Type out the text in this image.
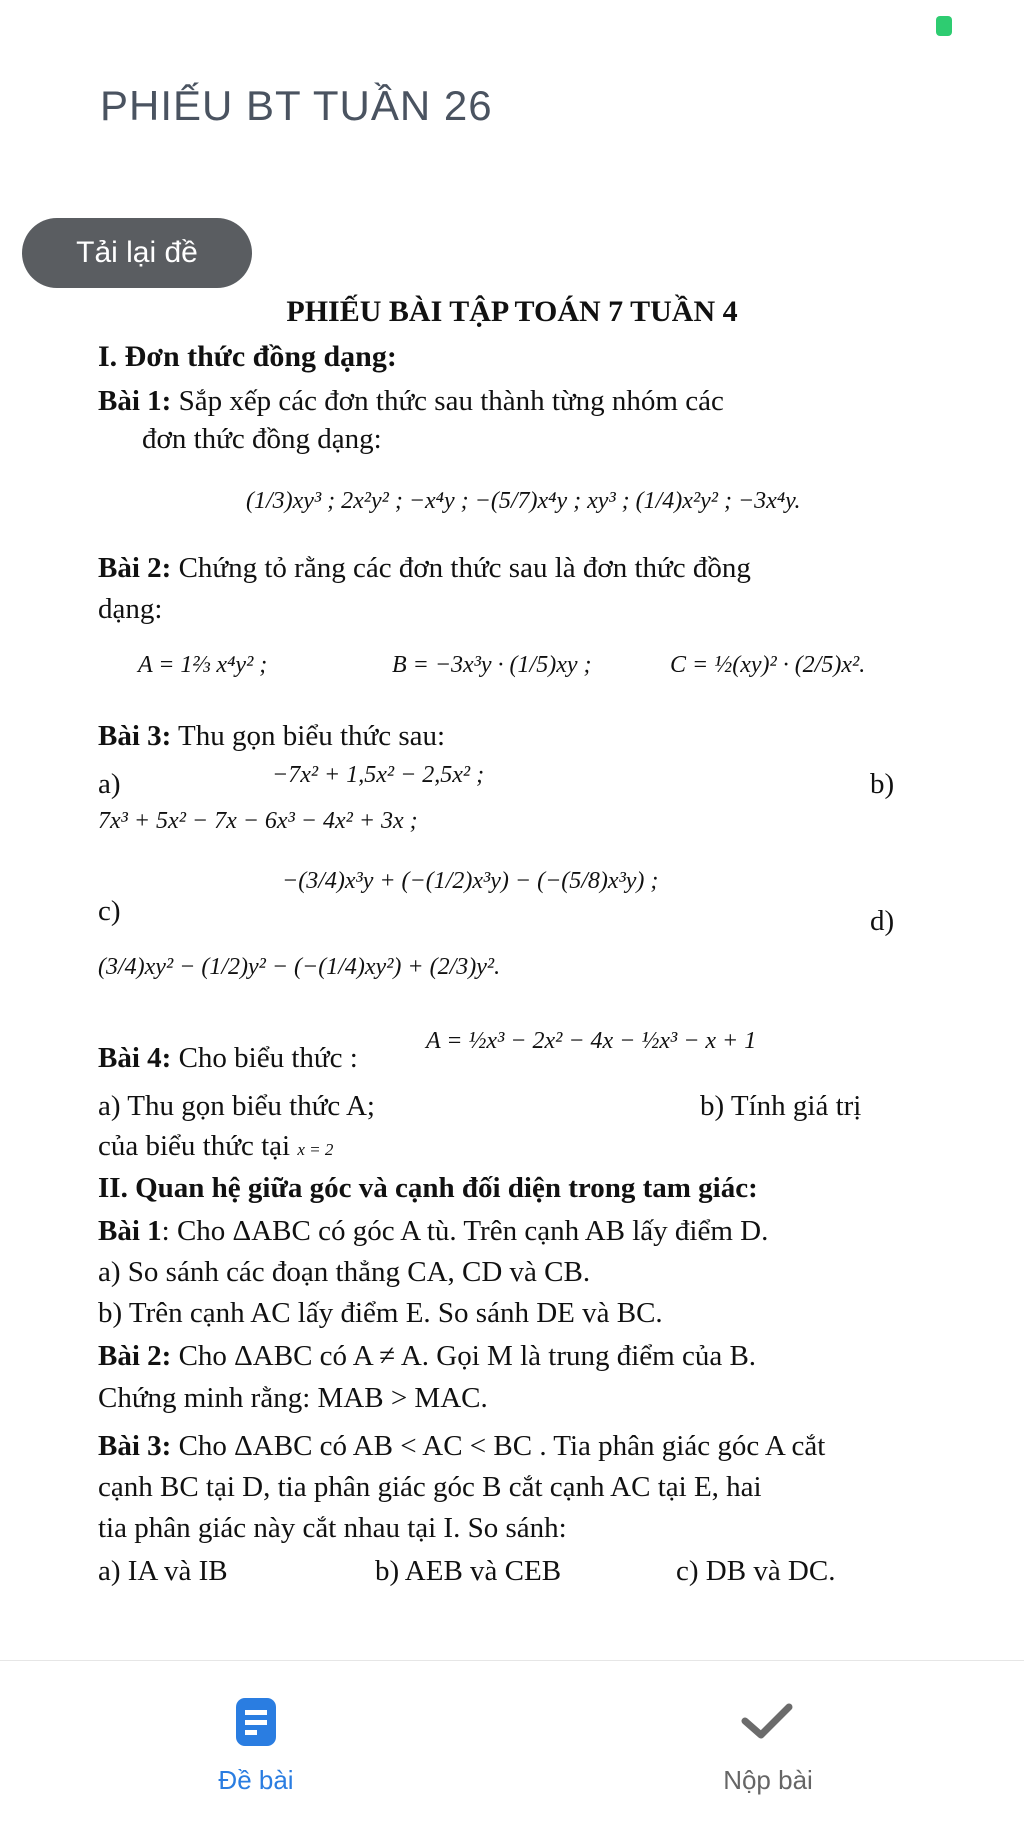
PHIẾU BT TUẦN 26
Tải lại đề
PHIẾU BÀI TẬP TOÁN 7 TUẦN 4
I. Đơn thức đồng dạng:
Bài 1: Sắp xếp các đơn thức sau thành từng nhóm các
đơn thức đồng dạng:
(1/3)xy³ ; 2x²y² ; −x⁴y ; −(5/7)x⁴y ; xy³ ; (1/4)x²y² ; −3x⁴y.
Bài 2: Chứng tỏ rằng các đơn thức sau là đơn thức đồng
dạng:
A = 1⅔ x⁴y² ;	B = −3x³y · (1/5)xy ;	C = ½(xy)² · (2/5)x².
Bài 3: Thu gọn biểu thức sau:
a)	−7x² + 1,5x² − 2,5x² ;	b)
7x³ + 5x² − 7x − 6x³ − 4x² + 3x ;
−(3/4)x³y + (−(1/2)x³y) − (−(5/8)x³y) ;
c)	d)
(3/4)xy² − (1/2)y² − (−(1/4)xy²) + (2/3)y².
Bài 4: Cho biểu thức :
A = ½x³ − 2x² − 4x − ½x³ − x + 1
a) Thu gọn biểu thức A;	b) Tính giá trị
của biểu thức tại x = 2
II. Quan hệ giữa góc và cạnh đối diện trong tam giác:
Bài 1: Cho ΔABC có góc A tù. Trên cạnh AB lấy điểm D.
a) So sánh các đoạn thẳng CA, CD và CB.
b) Trên cạnh AC lấy điểm E. So sánh DE và BC.
Bài 2: Cho ΔABC có A ≠ A. Gọi M là trung điểm của B.
Chứng minh rằng: MAB > MAC.
Bài 3: Cho ΔABC có AB < AC < BC . Tia phân giác góc A cắt
cạnh BC tại D, tia phân giác góc B cắt cạnh AC tại E, hai
tia phân giác này cắt nhau tại I. So sánh:
a) IA và IB	b) AEB và CEB	c) DB và DC.
Đề bài	Nộp bài
